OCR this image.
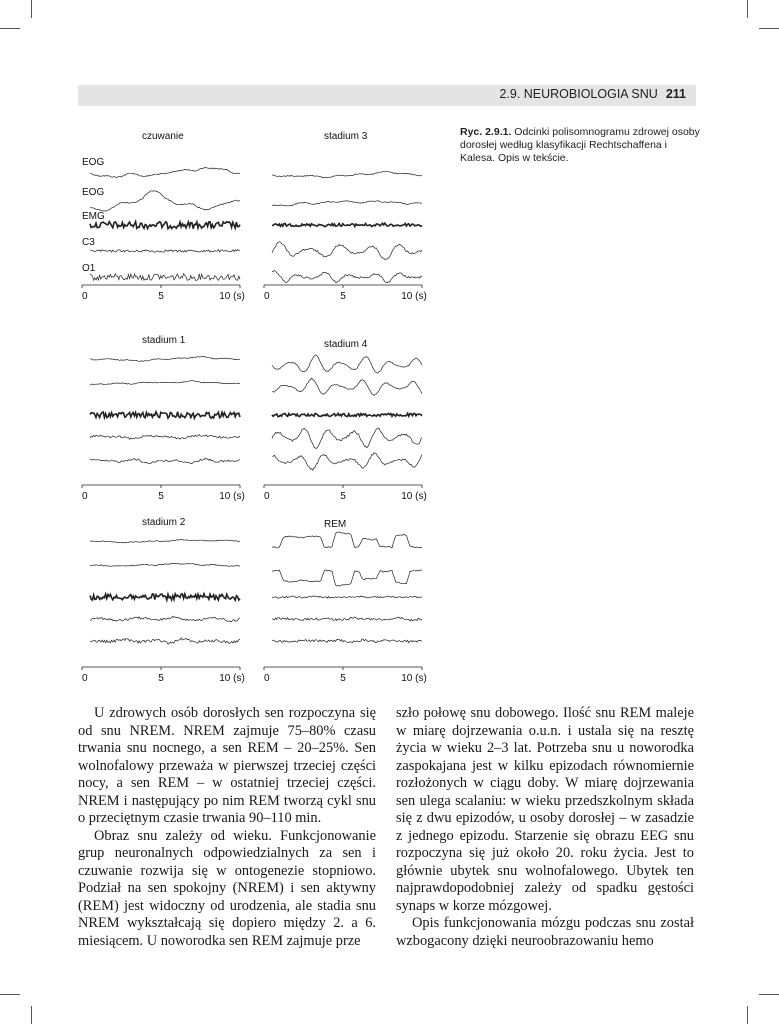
2.9. NEUROBIOLOGIA SNU 211
Ryc. 2.9.1. Odcinki polisomnogramu zdrowej osoby dorosłej według klasyfikacji Rechtschaffena i Kalesa. Opis w tekście.
czuwanie
0	5	10 (s)
stadium 3
0	5	10 (s)
stadium 1
0	5	10 (s)
stadium 4
0	5	10 (s)
stadium 2
0	5	10 (s)
REM
0	5	10 (s)
EOG
EOG
EMG
C3
O1

U zdrowych osób dorosłych sen rozpoczyna się od snu NREM. NREM zajmuje 75–80% czasu trwania snu nocnego, a sen REM – 20–25%. Sen wolnofalowy przeważa w pierwszej trzeciej części nocy, a sen REM – w ostatniej trzeciej części. NREM i następujący po nim REM tworzą cykl snu o przeciętnym czasie trwania 90–110 min.

Obraz snu zależy od wieku. Funkcjonowanie grup neuronalnych odpowiedzialnych za sen i czuwanie rozwija się w ontogenezie stopniowo. Podział na sen spokojny (NREM) i sen aktywny (REM) jest widoczny od urodzenia, ale stadia snu NREM wykształcają się dopiero między 2. a 6. miesiącem. U noworodka sen REM zajmuje prze

szło połowę snu dobowego. Ilość snu REM maleje w miarę dojrzewania o.u.n. i ustala się na resztę życia w wieku 2–3 lat. Potrzeba snu u noworodka zaspokajana jest w kilku epizodach równomiernie rozłożonych w ciągu doby. W miarę dojrzewania sen ulega scalaniu: w wieku przedszkolnym składa się z dwu epizodów, u osoby dorosłej – w zasadzie z jednego epizodu. Starzenie się obrazu EEG snu rozpoczyna się już około 20. roku życia. Jest to głównie ubytek snu wolnofalowego. Ubytek ten najprawdopodobniej zależy od spadku gęstości synaps w korze mózgowej.

Opis funkcjonowania mózgu podczas snu został wzbogacony dzięki neuroobrazowaniu hemo
